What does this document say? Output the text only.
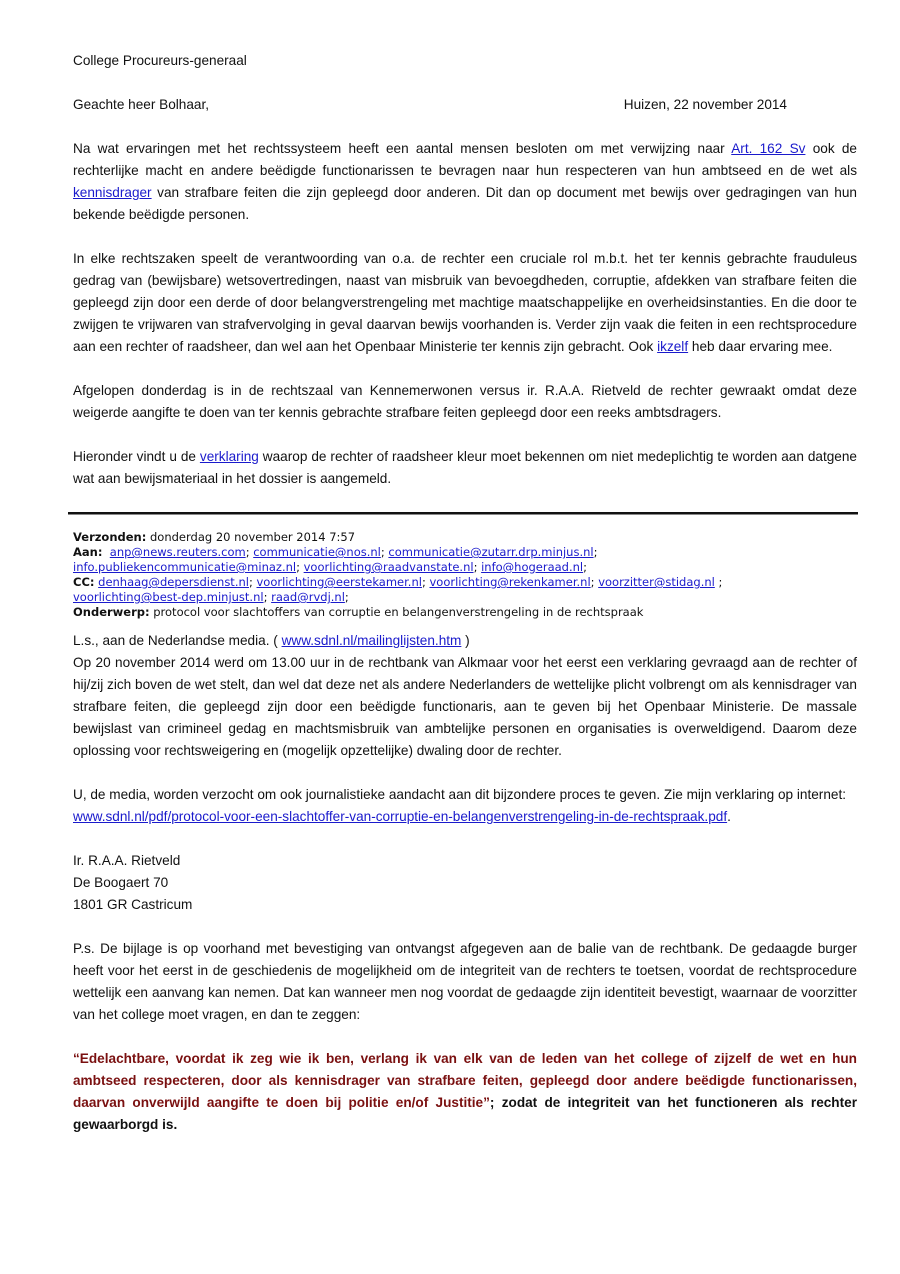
College Procureurs-generaal

Geachte heer Bolhaar,	Huizen, 22 november 2014

Na wat ervaringen met het rechtssysteem heeft een aantal mensen besloten om met verwijzing naar Art. 162 Sv ook de rechterlijke macht en andere beëdigde functionarissen te bevragen naar hun respecteren van hun ambtseed en de wet als kennisdrager van strafbare feiten die zijn gepleegd door anderen. Dit dan op document met bewijs over gedragingen van hun bekende beëdigde personen.

In elke rechtszaken speelt de verantwoording van o.a. de rechter een cruciale rol m.b.t. het ter kennis gebrachte frauduleus gedrag van (bewijsbare) wetsovertredingen, naast van misbruik van bevoegdheden, corruptie, afdekken van strafbare feiten die gepleegd zijn door een derde of door belangverstrengeling met machtige maatschappelijke en overheidsinstanties. En die door te zwijgen te vrijwaren van strafvervolging in geval daarvan bewijs voorhanden is. Verder zijn vaak die feiten in een rechtsprocedure aan een rechter of raadsheer, dan wel aan het Openbaar Ministerie ter kennis zijn gebracht. Ook ikzelf heb daar ervaring mee.

Afgelopen donderdag is in de rechtszaal van Kennemerwonen versus ir. R.A.A. Rietveld de rechter gewraakt omdat deze weigerde aangifte te doen van ter kennis gebrachte strafbare feiten gepleegd door een reeks ambtsdragers.

Hieronder vindt u de verklaring waarop de rechter of raadsheer kleur moet bekennen om niet medeplichtig te worden aan datgene wat aan bewijsmateriaal in het dossier is aangemeld.

Verzonden: donderdag 20 november 2014 7:57
Aan: anp@news.reuters.com; communicatie@nos.nl; communicatie@zutarr.drp.minjus.nl;
info.publiekencommunicatie@minaz.nl; voorlichting@raadvanstate.nl; info@hogeraad.nl;
CC: denhaag@depersdienst.nl; voorlichting@eerstekamer.nl; voorlichting@rekenkamer.nl; voorzitter@stidag.nl ;
voorlichting@best-dep.minjust.nl; raad@rvdj.nl;
Onderwerp: protocol voor slachtoffers van corruptie en belangenverstrengeling in de rechtspraak

L.s., aan de Nederlandse media. ( www.sdnl.nl/mailinglijsten.htm )

Op 20 november 2014 werd om 13.00 uur in de rechtbank van Alkmaar voor het eerst een verklaring gevraagd aan de rechter of hij/zij zich boven de wet stelt, dan wel dat deze net als andere Nederlanders de wettelijke plicht volbrengt om als kennisdrager van strafbare feiten, die gepleegd zijn door een beëdigde functionaris, aan te geven bij het Openbaar Ministerie. De massale bewijslast van crimineel gedag en machtsmisbruik van ambtelijke personen en organisaties is overweldigend. Daarom deze oplossing voor rechtsweigering en (mogelijk opzettelijke) dwaling door de rechter.

U, de media, worden verzocht om ook journalistieke aandacht aan dit bijzondere proces te geven. Zie mijn verklaring op internet: www.sdnl.nl/pdf/protocol-voor-een-slachtoffer-van-corruptie-en-belangenverstrengeling-in-de-rechtspraak.pdf.

Ir. R.A.A. Rietveld
De Boogaert 70
1801 GR Castricum

P.s. De bijlage is op voorhand met bevestiging van ontvangst afgegeven aan de balie van de rechtbank. De gedaagde burger heeft voor het eerst in de geschiedenis de mogelijkheid om de integriteit van de rechters te toetsen, voordat de rechtsprocedure wettelijk een aanvang kan nemen. Dat kan wanneer men nog voordat de gedaagde zijn identiteit bevestigt, waarnaar de voorzitter van het college moet vragen, en dan te zeggen:

“Edelachtbare, voordat ik zeg wie ik ben, verlang ik van elk van de leden van het college of zijzelf de wet en hun ambtseed respecteren, door als kennisdrager van strafbare feiten, gepleegd door andere beëdigde functionarissen, daarvan onverwijld aangifte te doen bij politie en/of Justitie”; zodat de integriteit van het functioneren als rechter gewaarborgd is.
